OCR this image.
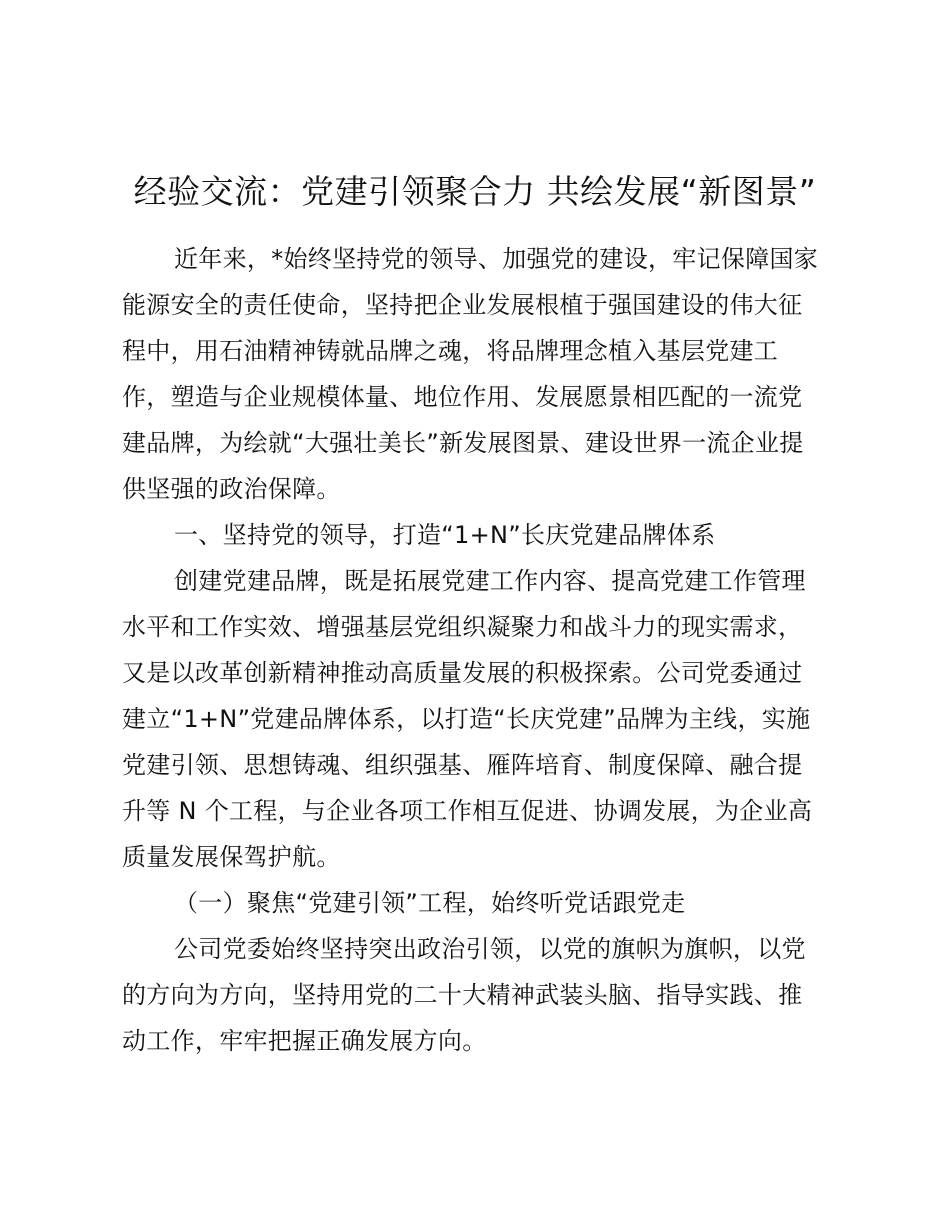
经验交流：党建引领聚合力 共绘发展“新图景”
近年来，*始终坚持党的领导、加强党的建设，牢记保障国家
能源安全的责任使命，坚持把企业发展根植于强国建设的伟大征
程中，用石油精神铸就品牌之魂，将品牌理念植入基层党建工
作，塑造与企业规模体量、地位作用、发展愿景相匹配的一流党
建品牌，为绘就“大强壮美长”新发展图景、建设世界一流企业提
供坚强的政治保障。
一、坚持党的领导，打造“1+N”长庆党建品牌体系
创建党建品牌，既是拓展党建工作内容、提高党建工作管理
水平和工作实效、增强基层党组织凝聚力和战斗力的现实需求，
又是以改革创新精神推动高质量发展的积极探索。公司党委通过
建立“1+N”党建品牌体系，以打造“长庆党建”品牌为主线，实施
党建引领、思想铸魂、组织强基、雁阵培育、制度保障、融合提
升等 N 个工程，与企业各项工作相互促进、协调发展，为企业高
质量发展保驾护航。
（一）聚焦“党建引领”工程，始终听党话跟党走
公司党委始终坚持突出政治引领，以党的旗帜为旗帜，以党
的方向为方向，坚持用党的二十大精神武装头脑、指导实践、推
动工作，牢牢把握正确发展方向。
